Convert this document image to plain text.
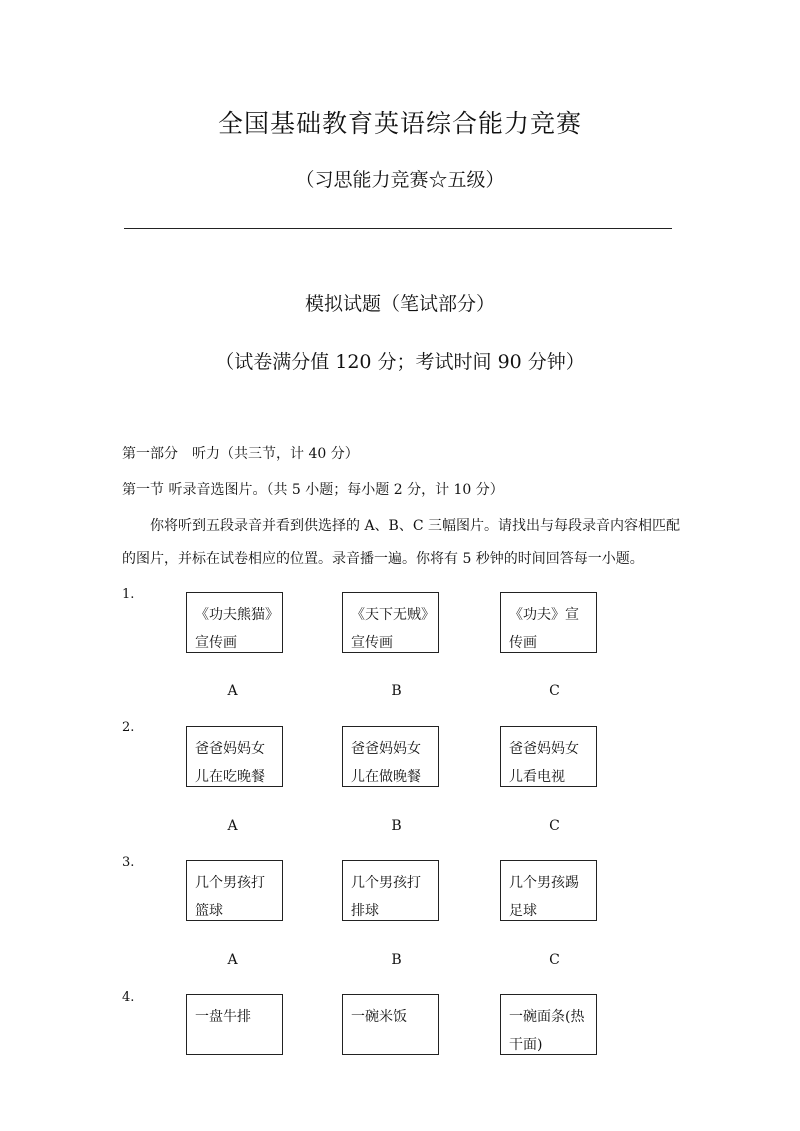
全国基础教育英语综合能力竞赛
（习思能力竞赛☆五级）
模拟试题（笔试部分）
（试卷满分值 120 分；考试时间 90 分钟）
第一部分　听力（共三节，计 40 分）
第一节 听录音选图片。（共 5 小题；每小题 2 分，计 10 分）
你将听到五段录音并看到供选择的 A、B、C 三幅图片。请找出与每段录音内容相匹配
的图片，并标在试卷相应的位置。录音播一遍。你将有 5 秒钟的时间回答每一小题。
1.
《功夫熊猫》宣传画
《天下无贼》宣传画
《功夫》宣传画
A	B	C
2.
爸爸妈妈女儿在吃晚餐
爸爸妈妈女儿在做晚餐
爸爸妈妈女儿看电视
A	B	C
3.
几个男孩打篮球
几个男孩打排球
几个男孩踢足球
A	B	C
4.
一盘牛排	一碗米饭	一碗面条(热干面)
